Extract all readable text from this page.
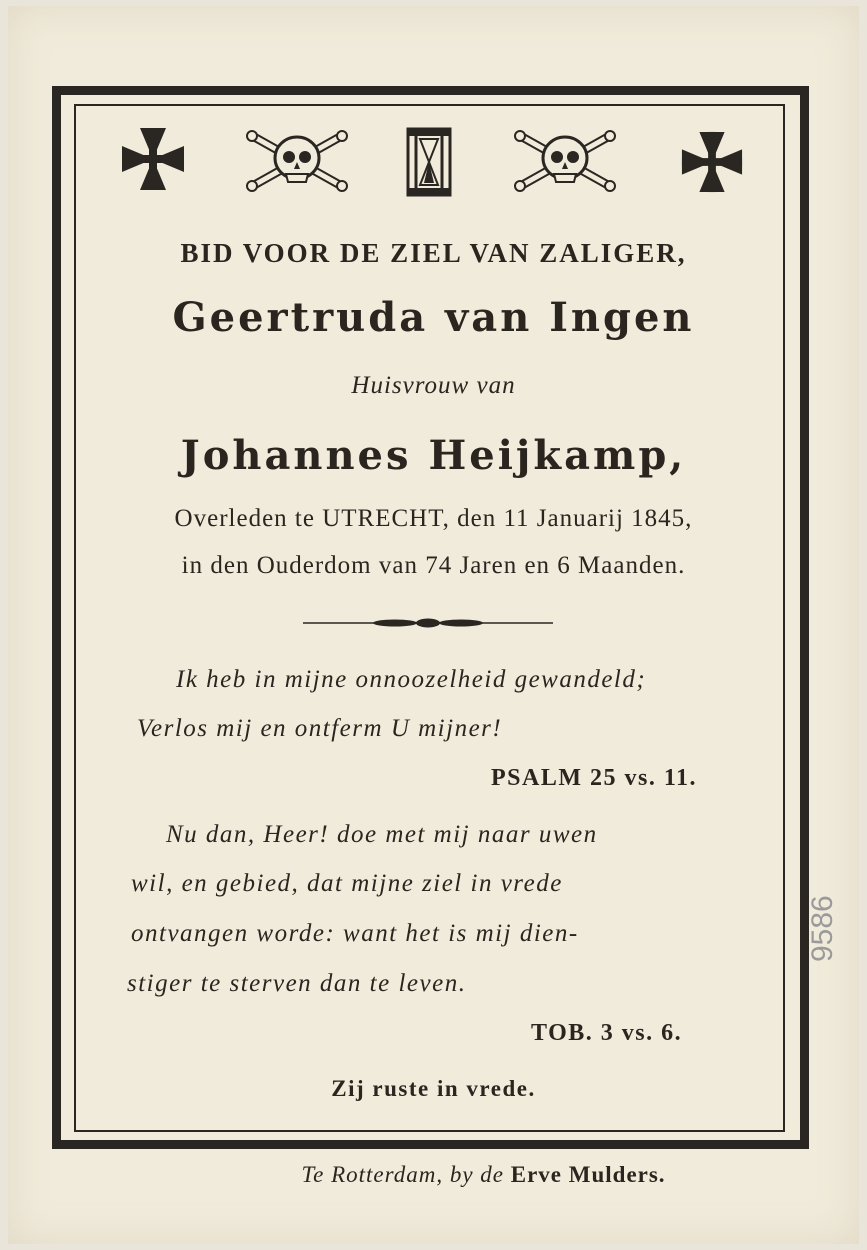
BID VOOR DE ZIEL VAN ZALIGER,
Geertruda van Ingen
Huisvrouw van
Johannes Heijkamp,
Overleden te UTRECHT, den 11 Januarij 1845,
in den Ouderdom van 74 Jaren en 6 Maanden.
Ik heb in mijne onnoozelheid gewandeld;
Verlos mij en ontferm U mijner!
PSALM 25 vs. 11.
Nu dan, Heer! doe met mij naar uwen
wil, en gebied, dat mijne ziel in vrede
ontvangen worde: want het is mij dien-
stiger te sterven dan te leven.
TOB. 3 vs. 6.
Zij ruste in vrede.
Te Rotterdam, by de Erve Mulders.
9586
